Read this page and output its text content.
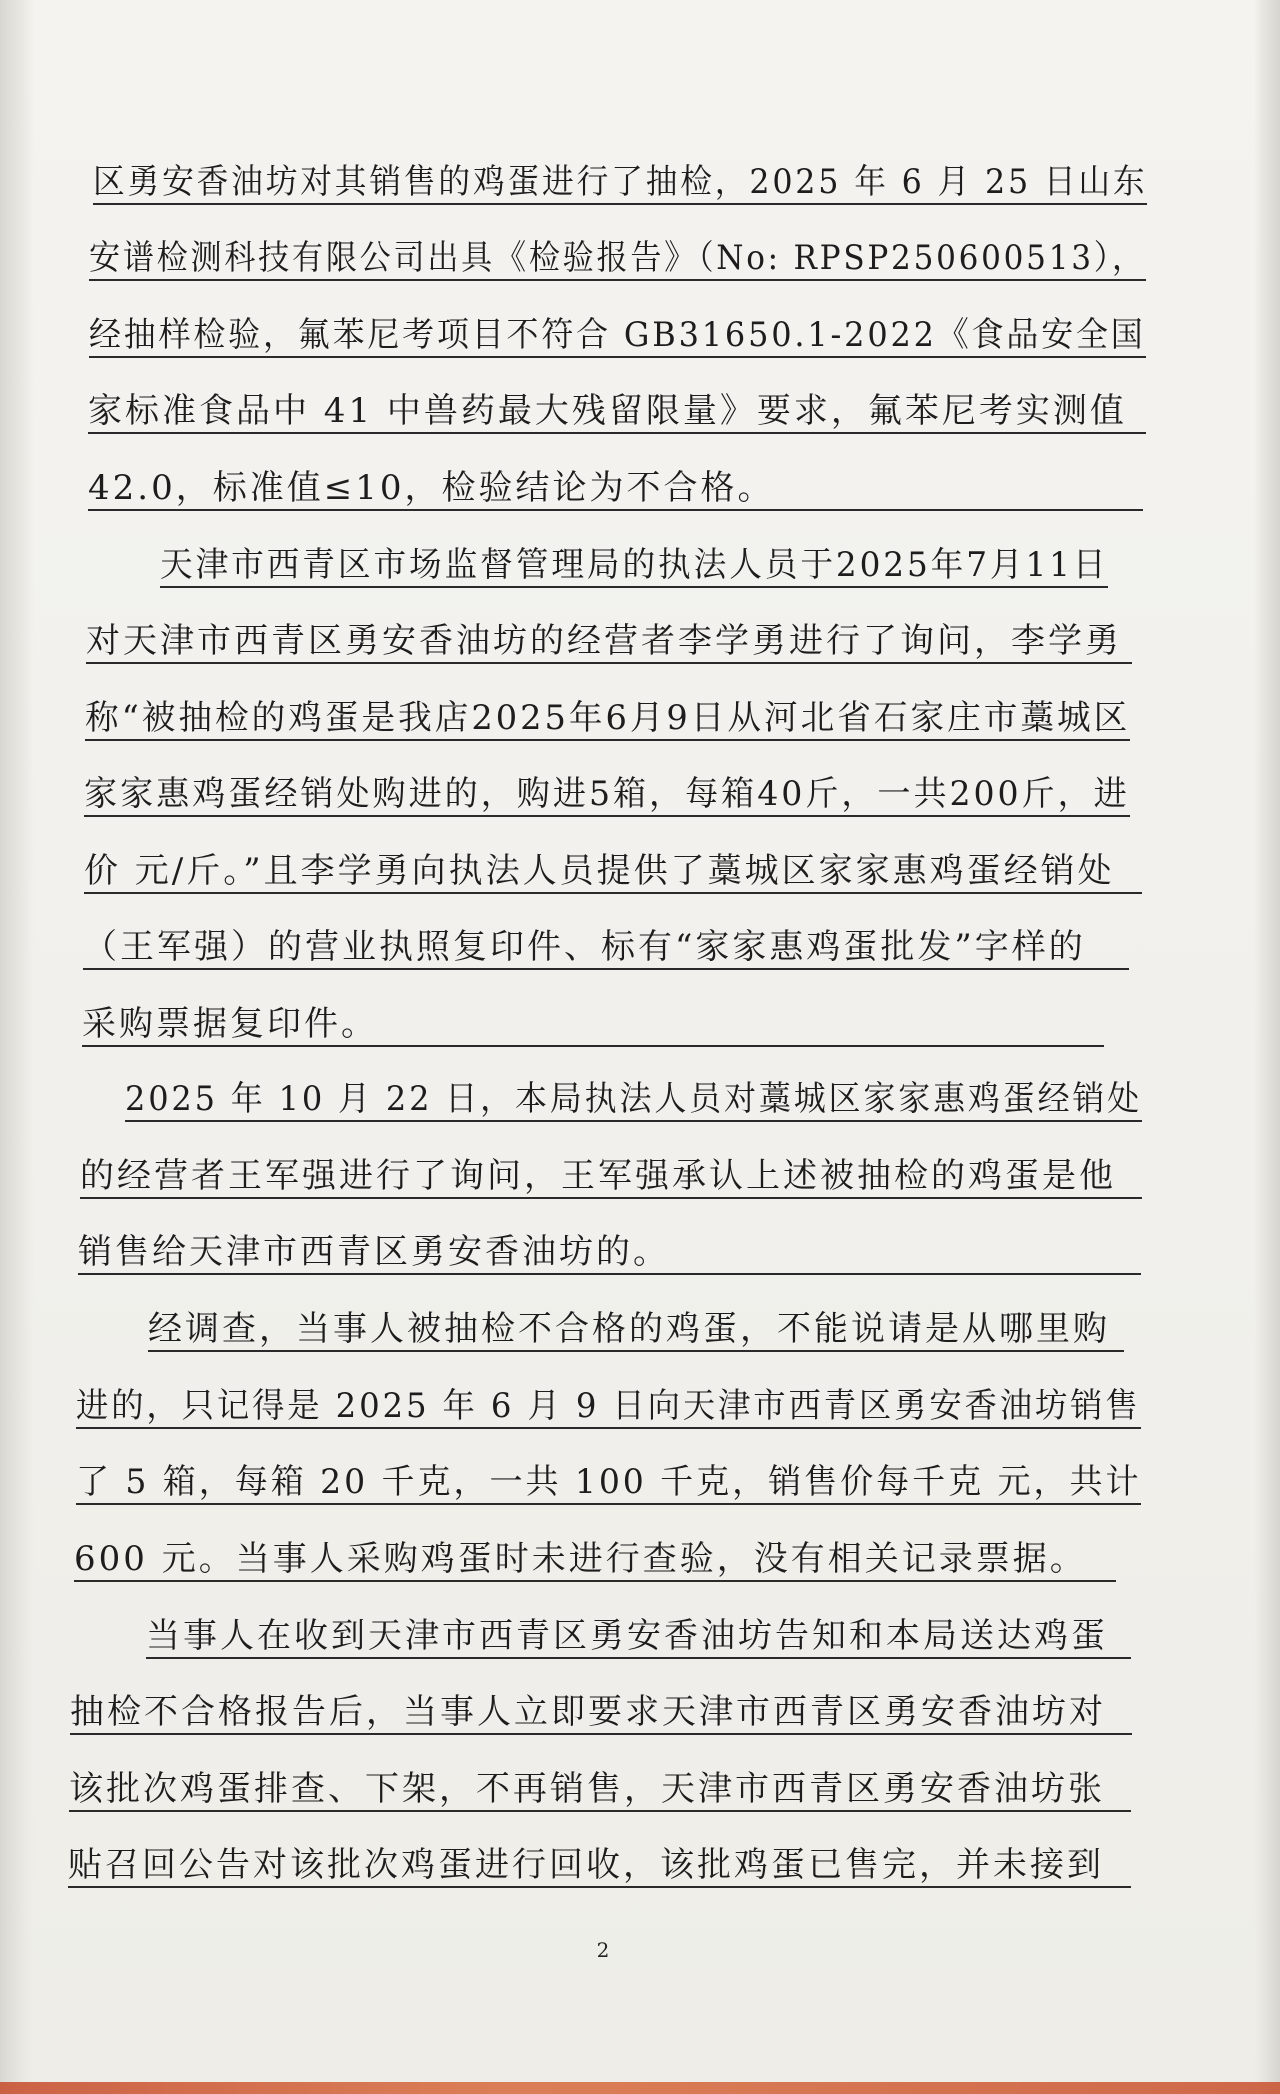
区勇安香油坊对其销售的鸡蛋进行了抽检，2025 年 6 月 25 日山东
安谱检测科技有限公司出具《检验报告》（No: RPSP250600513），
经抽样检验，氟苯尼考项目不符合 GB31650.1-2022《食品安全国
家标准食品中 41 中兽药最大残留限量》要求，氟苯尼考实测值
42.0，标准值≤10，检验结论为不合格。
天津市西青区市场监督管理局的执法人员于2025年7月11日
对天津市西青区勇安香油坊的经营者李学勇进行了询问，李学勇
称“被抽检的鸡蛋是我店2025年6月9日从河北省石家庄市藁城区
家家惠鸡蛋经销处购进的，购进5箱，每箱40斤，一共200斤，进
价 元/斤。”且李学勇向执法人员提供了藁城区家家惠鸡蛋经销处
（王军强）的营业执照复印件、标有“家家惠鸡蛋批发”字样的
采购票据复印件。
2025 年 10 月 22 日，本局执法人员对藁城区家家惠鸡蛋经销处
的经营者王军强进行了询问，王军强承认上述被抽检的鸡蛋是他
销售给天津市西青区勇安香油坊的。
经调查，当事人被抽检不合格的鸡蛋，不能说请是从哪里购
进的，只记得是 2025 年 6 月 9 日向天津市西青区勇安香油坊销售
了 5 箱，每箱 20 千克，一共 100 千克，销售价每千克 元，共计
600 元。当事人采购鸡蛋时未进行查验，没有相关记录票据。
当事人在收到天津市西青区勇安香油坊告知和本局送达鸡蛋
抽检不合格报告后，当事人立即要求天津市西青区勇安香油坊对
该批次鸡蛋排查、下架，不再销售，天津市西青区勇安香油坊张
贴召回公告对该批次鸡蛋进行回收，该批鸡蛋已售完，并未接到
2
